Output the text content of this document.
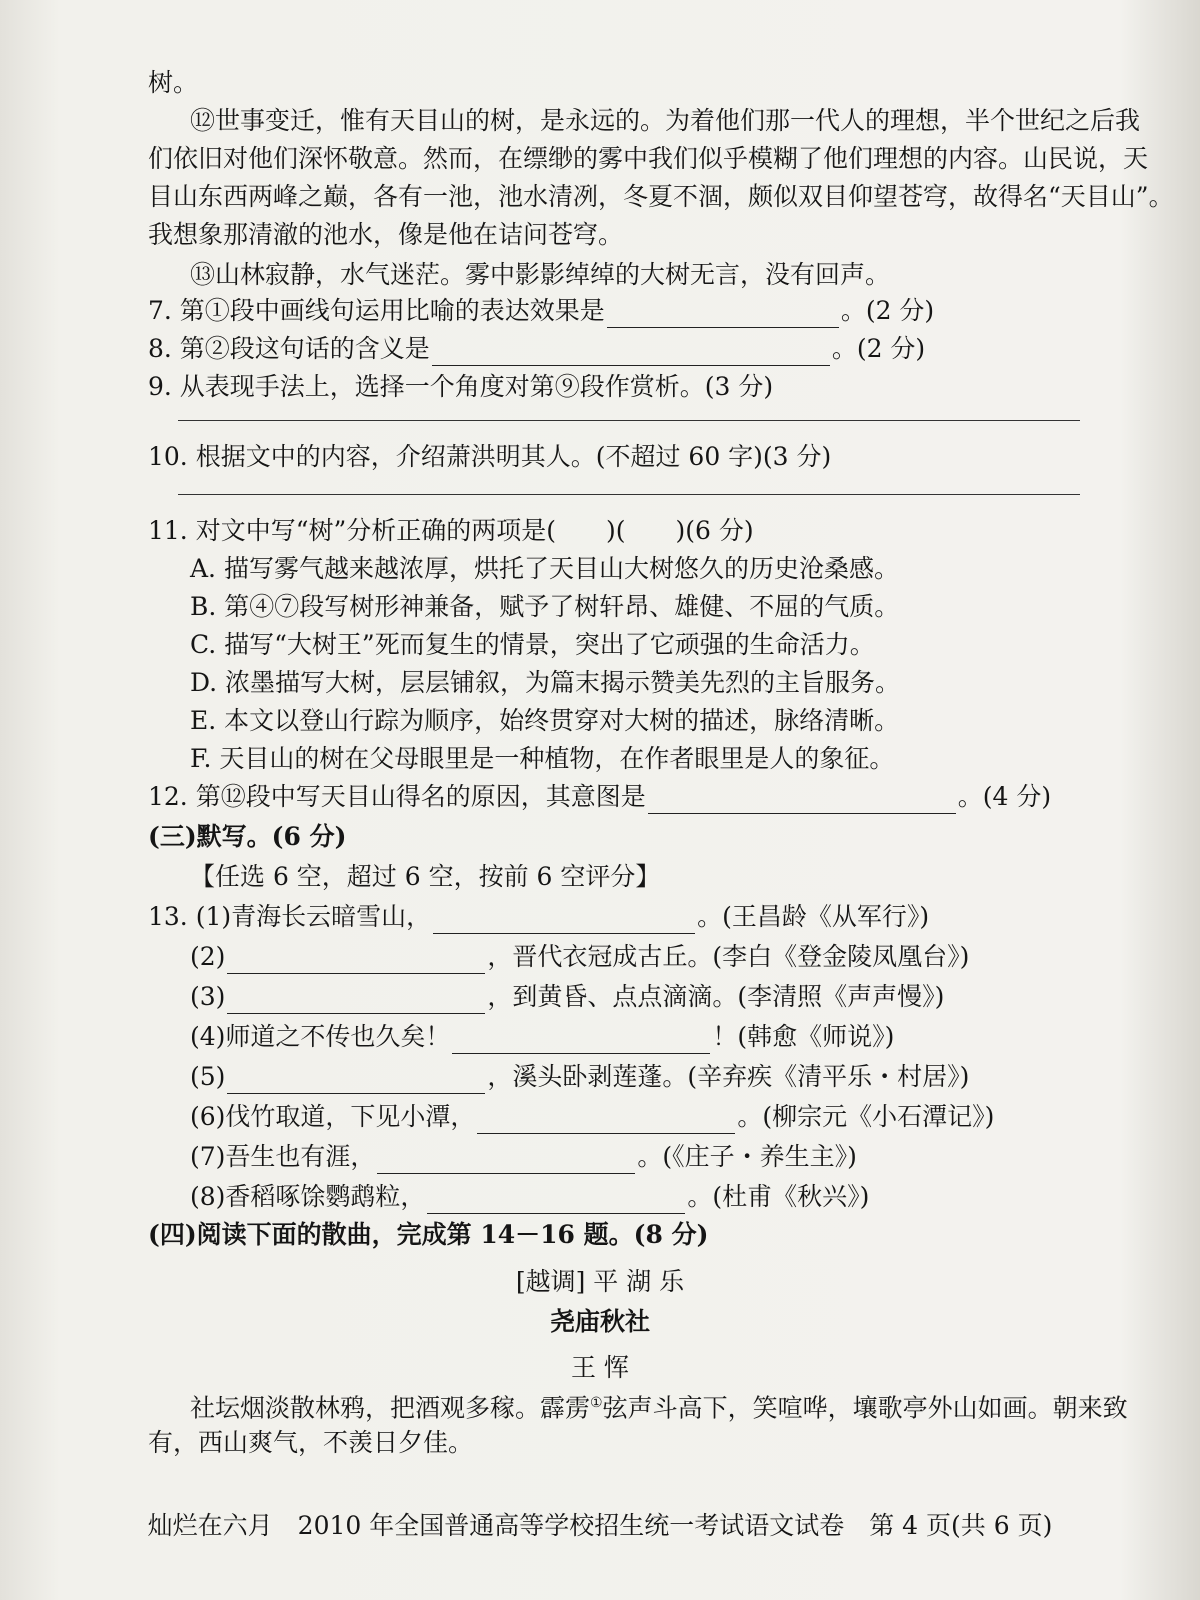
树。
⑫世事变迁，惟有天目山的树，是永远的。为着他们那一代人的理想，半个世纪之后我
们依旧对他们深怀敬意。然而，在缥缈的雾中我们似乎模糊了他们理想的内容。山民说，天
目山东西两峰之巅，各有一池，池水清冽，冬夏不涸，颇似双目仰望苍穹，故得名“天目山”。
我想象那清澈的池水，像是他在诘问苍穹。
⑬山林寂静，水气迷茫。雾中影影绰绰的大树无言，没有回声。
7. 第①段中画线句运用比喻的表达效果是	。(2 分)
8. 第②段这句话的含义是	。(2 分)
9. 从表现手法上，选择一个角度对第⑨段作赏析。(3 分)
10. 根据文中的内容，介绍萧洪明其人。(不超过 60 字)(3 分)
11. 对文中写“树”分析正确的两项是(　　)(　　)(6 分)
A. 描写雾气越来越浓厚，烘托了天目山大树悠久的历史沧桑感。
B. 第④⑦段写树形神兼备，赋予了树轩昂、雄健、不屈的气质。
C. 描写“大树王”死而复生的情景，突出了它顽强的生命活力。
D. 浓墨描写大树，层层铺叙，为篇末揭示赞美先烈的主旨服务。
E. 本文以登山行踪为顺序，始终贯穿对大树的描述，脉络清晰。
F. 天目山的树在父母眼里是一种植物，在作者眼里是人的象征。
12. 第⑫段中写天目山得名的原因，其意图是	。(4 分)
(三)默写。(6 分)
【任选 6 空，超过 6 空，按前 6 空评分】
13. (1)青海长云暗雪山，	。(王昌龄《从军行》)
(2)	，晋代衣冠成古丘。(李白《登金陵凤凰台》)
(3)	，到黄昏、点点滴滴。(李清照《声声慢》)
(4)师道之不传也久矣！	！(韩愈《师说》)
(5)	，溪头卧剥莲蓬。(辛弃疾《清平乐・村居》)
(6)伐竹取道，下见小潭，	。(柳宗元《小石潭记》)
(7)吾生也有涯，	。(《庄子・养生主》)
(8)香稻啄馀鹦鹉粒，	。(杜甫《秋兴》)
(四)阅读下面的散曲，完成第 14－16 题。(8 分)
[越调] 平 湖 乐
尧庙秋社
王 恽
社坛烟淡散林鸦，把酒观多稼。霹雳①弦声斗高下，笑喧哗，壤歌亭外山如画。朝来致
有，西山爽气，不羡日夕佳。
灿烂在六月　2010 年全国普通高等学校招生统一考试语文试卷　第 4 页(共 6 页)
